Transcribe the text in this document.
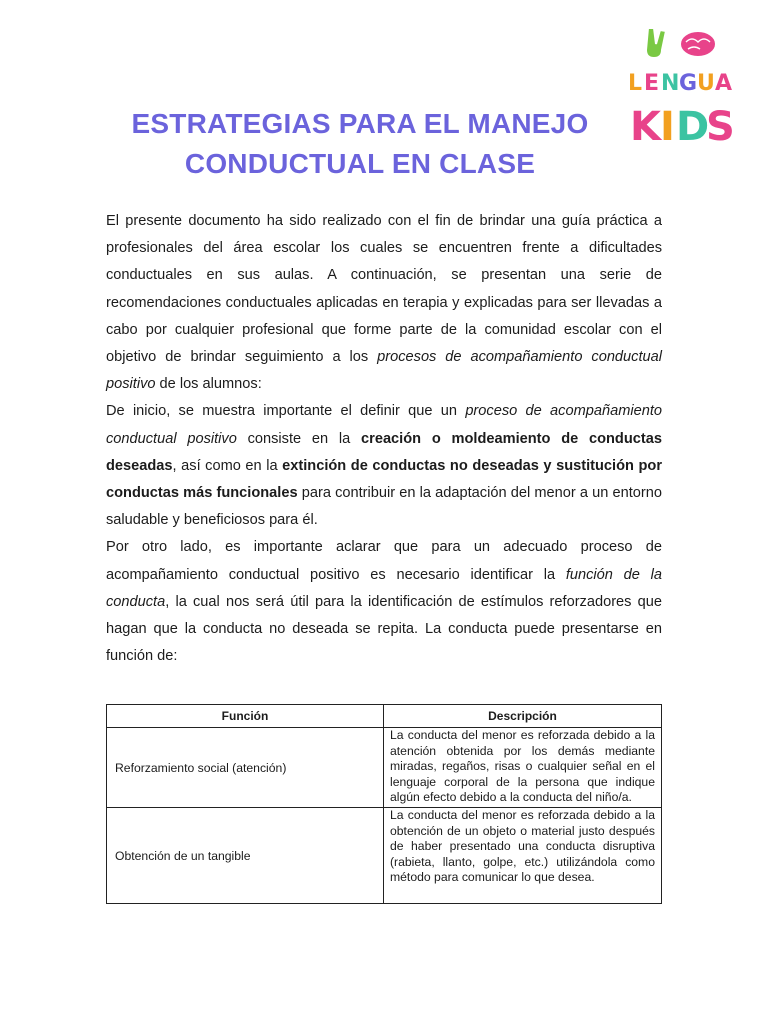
L E N G U A
K I D
S
ESTRATEGIAS PARA EL MANEJO
CONDUCTUAL EN CLASE

El presente documento ha sido realizado con el fin de brindar una guía práctica a profesionales del área escolar los cuales se encuentren frente a dificultades conductuales en sus aulas. A continuación, se presentan una serie de recomendaciones conductuales aplicadas en terapia y explicadas para ser llevadas a cabo por cualquier profesional que forme parte de la comunidad escolar con el objetivo de brindar seguimiento a los procesos de acompañamiento conductual positivo de los alumnos:

De inicio, se muestra importante el definir que un proceso de acompañamiento conductual positivo consiste en la creación o moldeamiento de conductas deseadas, así como en la extinción de conductas no deseadas y sustitución por conductas más funcionales para contribuir en la adaptación del menor a un entorno saludable y beneficiosos para él.

Por otro lado, es importante aclarar que para un adecuado proceso de acompañamiento conductual positivo es necesario identificar la función de la conducta, la cual nos será útil para la identificación de estímulos reforzadores que hagan que la conducta no deseada se repita. La conducta puede presentarse en función de:

Función	Descripción
Reforzamiento social (atención)	La conducta del menor es reforzada debido a la atención obtenida por los demás mediante miradas, regaños, risas o cualquier señal en el lenguaje corporal de la persona que indique algún efecto debido a la conducta del niño/a.
Obtención de un tangible	La conducta del menor es reforzada debido a la obtención de un objeto o material justo después de haber presentado una conducta disruptiva (rabieta, llanto, golpe, etc.) utilizándola como método para comunicar lo que desea.
